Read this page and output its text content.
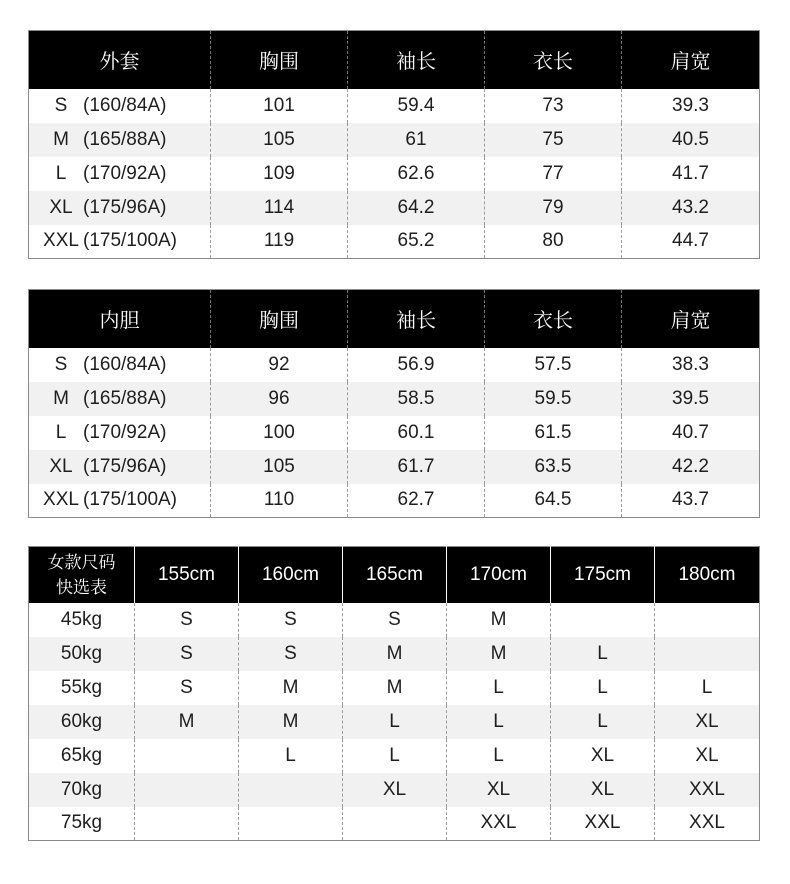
外套	胸围	袖长	衣长	肩宽

S (160/84A)	101	59.4	73	39.3

M (165/88A)	105	61	75	40.5

L (170/92A)	109	62.6	77	41.7

XL (175/96A)	114	64.2	79	43.2

XXL (175/100A)	119	65.2	80	44.7
内胆	胸围	袖长	衣长	肩宽

S (160/84A)	92	56.9	57.5	38.3

M (165/88A)	96	58.5	59.5	39.5

L (170/92A)	100	60.1	61.5	40.7

XL (175/96A)	105	61.7	63.5	42.2

XXL (175/100A)	110	62.7	64.5	43.7
女款尺码
快选表	155cm	160cm	165cm	170cm	175cm	180cm
45kg	S	S	S	M		
50kg	S	S	M	M	L	
55kg	S	M	M	L	L	L
60kg	M	M	L	L	L	XL
65kg		L	L	L	XL	XL
70kg			XL	XL	XL	XXL
75kg				XXL	XXL	XXL
